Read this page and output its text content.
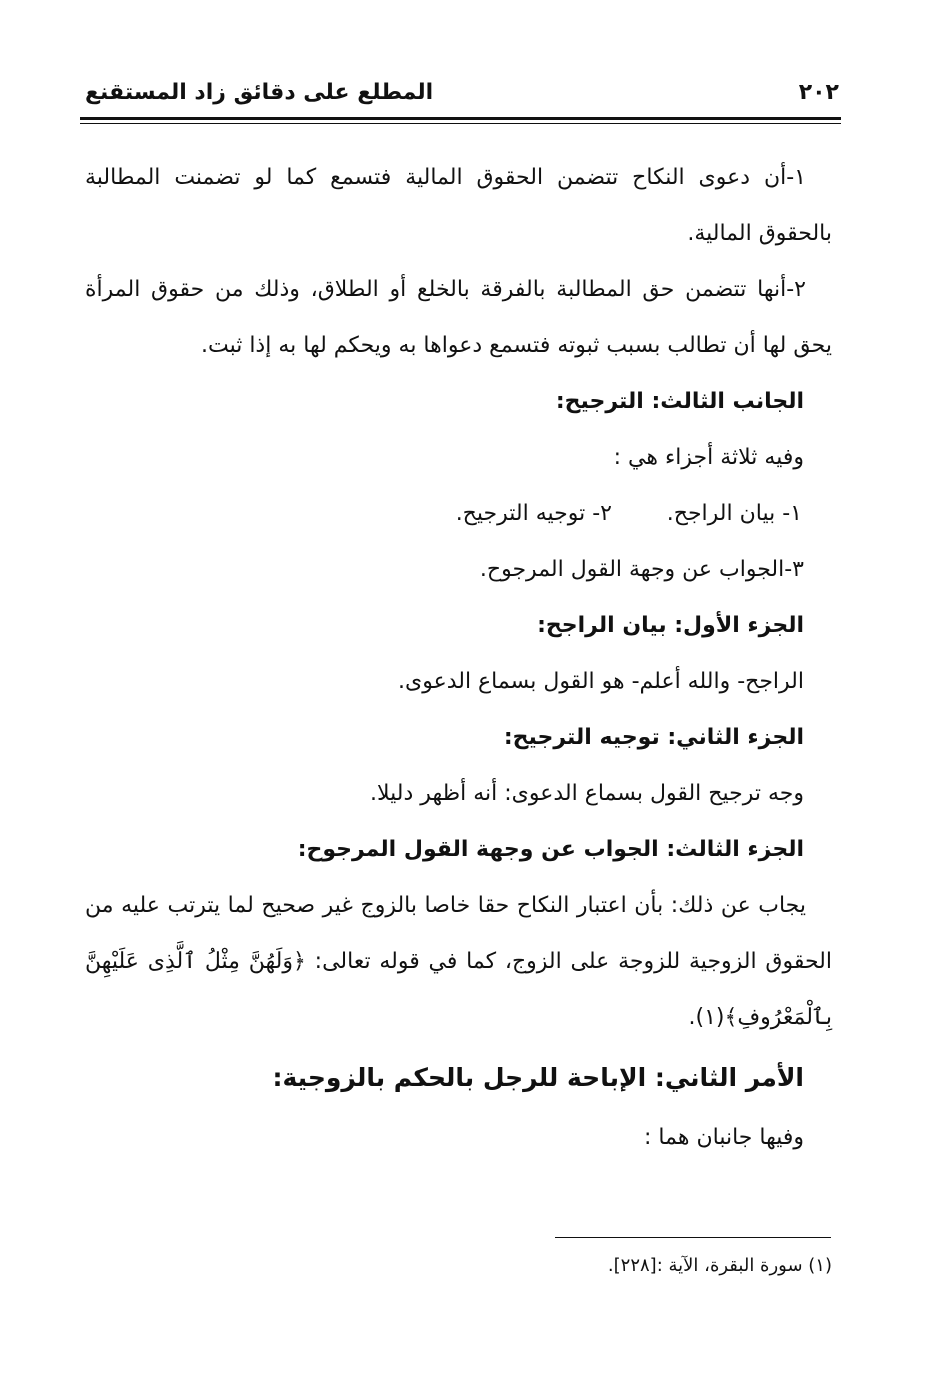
المطلع على دقائق زاد المستقنع	٢٠٢

١-أن دعوى النكاح تتضمن الحقوق المالية فتسمع كما لو تضمنت المطالبة بالحقوق المالية.

٢-أنها تتضمن حق المطالبة بالفرقة بالخلع أو الطلاق، وذلك من حقوق المرأة يحق لها أن تطالب بسبب ثبوته فتسمع دعواها به ويحكم لها به إذا ثبت.

الجانب الثالث: الترجيح:

وفيه ثلاثة أجزاء هي :

١- بيان الراجح.
٢- توجيه الترجيح.

٣-الجواب عن وجهة القول المرجوح.

الجزء الأول: بيان الراجح:

الراجح- والله أعلم- هو القول بسماع الدعوى.

الجزء الثاني: توجيه الترجيح:

وجه ترجيح القول بسماع الدعوى: أنه أظهر دليلا.

الجزء الثالث: الجواب عن وجهة القول المرجوح:

يجاب عن ذلك: بأن اعتبار النكاح حقا خاصا بالزوج غير صحيح لما يترتب عليه من الحقوق الزوجية للزوجة على الزوج، كما في قوله تعالى: ﴿وَلَهُنَّ مِثْلُ ٱلَّذِى عَلَيْهِنَّ بِٱلْمَعْرُوفِ﴾(١).

الأمر الثاني: الإباحة للرجل بالحكم بالزوجية:

وفيها جانبان هما :

(١) سورة البقرة، الآية :[٢٢٨].
